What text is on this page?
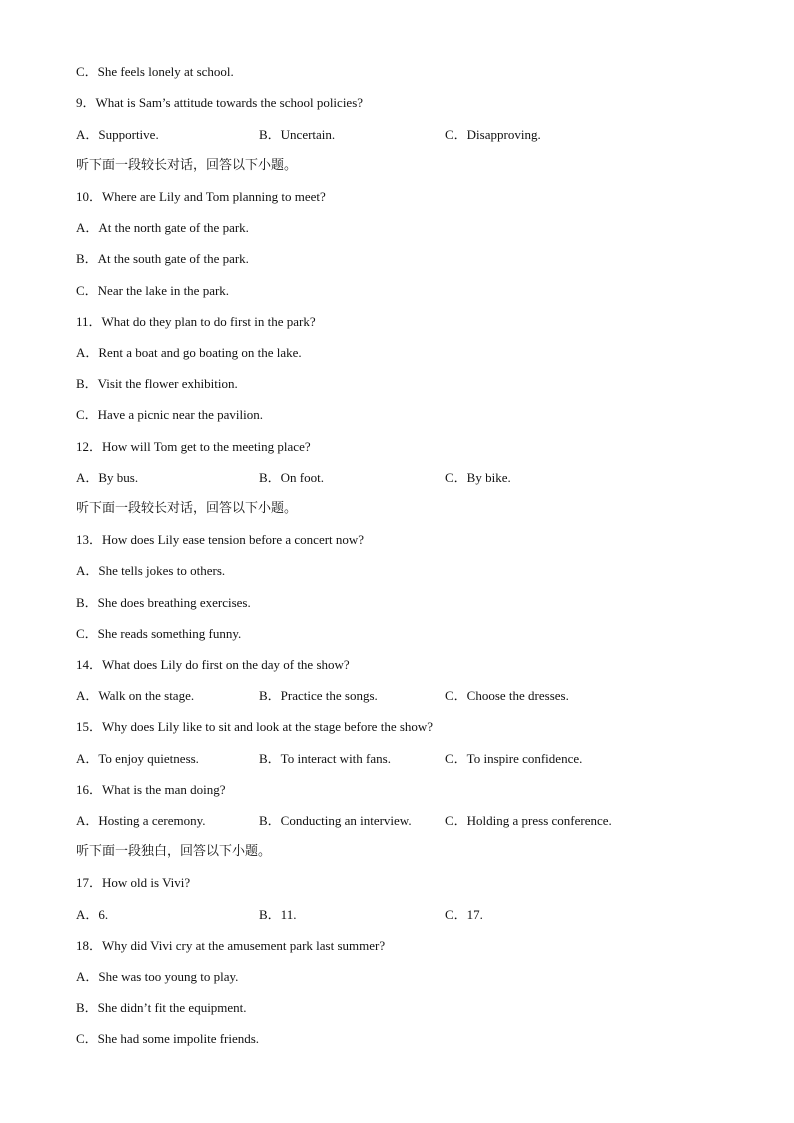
C．She feels lonely at school.
9．What is Sam’s attitude towards the school policies?
A．Supportive.	B．Uncertain.	C．Disapproving.
听下面一段较长对话，回答以下小题。
10．Where are Lily and Tom planning to meet?
A．At the north gate of the park.
B．At the south gate of the park.
C．Near the lake in the park.
11．What do they plan to do first in the park?
A．Rent a boat and go boating on the lake.
B．Visit the flower exhibition.
C．Have a picnic near the pavilion.
12．How will Tom get to the meeting place?
A．By bus.	B．On foot.	C．By bike.
听下面一段较长对话，回答以下小题。
13．How does Lily ease tension before a concert now?
A．She tells jokes to others.
B．She does breathing exercises.
C．She reads something funny.
14．What does Lily do first on the day of the show?
A．Walk on the stage.	B．Practice the songs.	C．Choose the dresses.
15．Why does Lily like to sit and look at the stage before the show?
A．To enjoy quietness.	B．To interact with fans.	C．To inspire confidence.
16．What is the man doing?
A．Hosting a ceremony.	B．Conducting an interview.	C．Holding a press conference.
听下面一段独白，回答以下小题。
17．How old is Vivi?
A．6.	B．11.	C．17.
18．Why did Vivi cry at the amusement park last summer?
A．She was too young to play.
B．She didn’t fit the equipment.
C．She had some impolite friends.
